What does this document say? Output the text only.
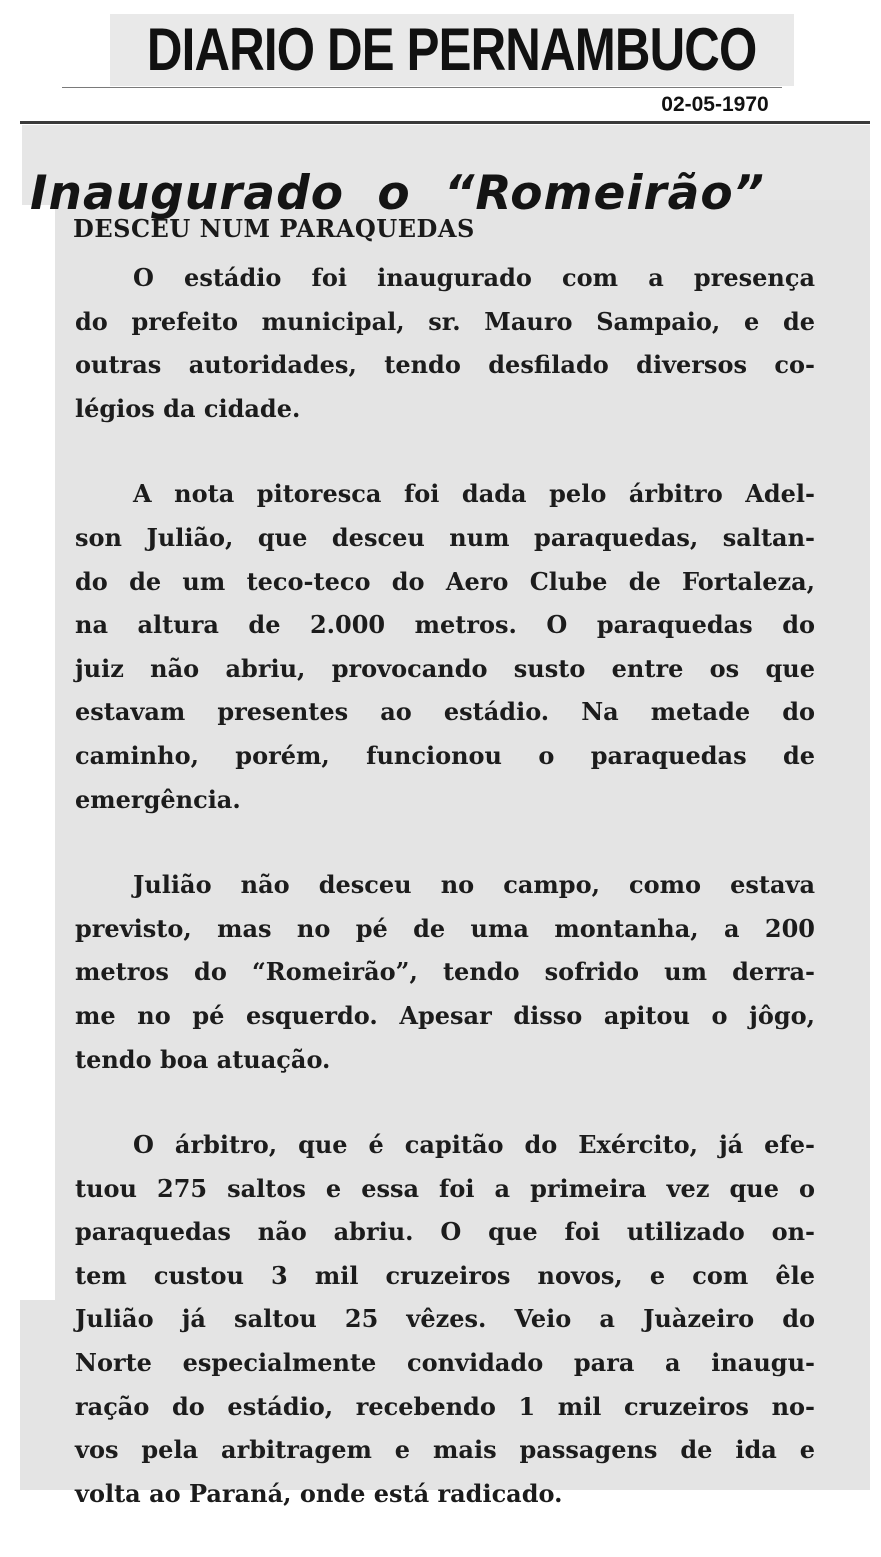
DIARIO DE PERNAMBUCO
02-05-1970
Inaugurado o “Romeirão”
DESCEU NUM PARAQUEDAS
O estádio foi inaugurado com a presença
do prefeito municipal, sr. Mauro Sampaio, e de
outras autoridades, tendo desfilado diversos co-
légios da cidade.
A nota pitoresca foi dada pelo árbitro Adel-
son Julião, que desceu num paraquedas, saltan-
do de um teco-teco do Aero Clube de Fortaleza,
na altura de 2.000 metros. O paraquedas do
juiz não abriu, provocando susto entre os que
estavam presentes ao estádio. Na metade do
caminho, porém, funcionou o paraquedas de
emergência.
Julião não desceu no campo, como estava
previsto, mas no pé de uma montanha, a 200
metros do “Romeirão”, tendo sofrido um derra-
me no pé esquerdo. Apesar disso apitou o jôgo,
tendo boa atuação.
O árbitro, que é capitão do Exército, já efe-
tuou 275 saltos e essa foi a primeira vez que o
paraquedas não abriu. O que foi utilizado on-
tem custou 3 mil cruzeiros novos, e com êle
Julião já saltou 25 vêzes. Veio a Juàzeiro do
Norte especialmente convidado para a inaugu-
ração do estádio, recebendo 1 mil cruzeiros no-
vos pela arbitragem e mais passagens de ida e
volta ao Paraná, onde está radicado.
